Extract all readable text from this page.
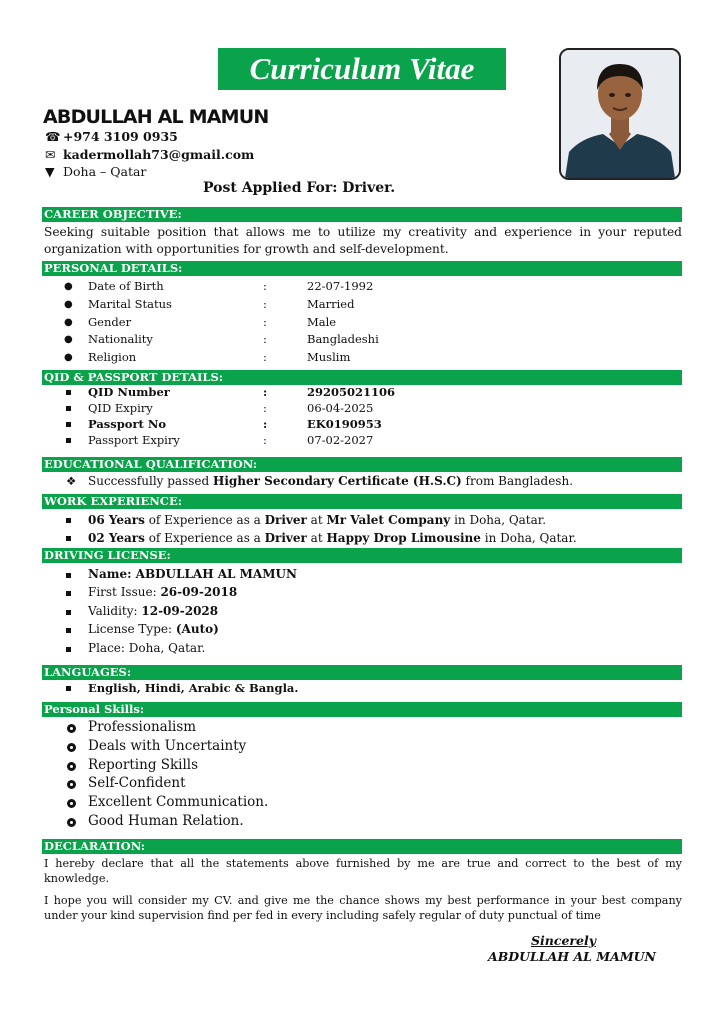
Curriculum Vitae
ABDULLAH AL MAMUN
☎ +974 3109 0935
✉ kadermollah73@gmail.com
▼ Doha – Qatar
Post Applied For: Driver.
CAREER OBJECTIVE:
Seeking suitable position that allows me to utilize my creativity and experience in your reputed organization with opportunities for growth and self-development.
PERSONAL DETAILS:
● Date of Birth	:	22-07-1992
● Marital Status	:	Married
● Gender	:	Male
● Nationality	:	Bangladeshi
● Religion	:	Muslim
QID & PASSPORT DETAILS:
QID Number	:	29205021106
QID Expiry	:	06-04-2025
Passport No	:	EK0190953
Passport Expiry	:	07-02-2027
EDUCATIONAL QUALIFICATION:
❖ Successfully passed Higher Secondary Certificate (H.S.C) from Bangladesh.
WORK EXPERIENCE:
06 Years of Experience as a Driver at Mr Valet Company in Doha, Qatar.
02 Years of Experience as a Driver at Happy Drop Limousine in Doha, Qatar.
DRIVING LICENSE:
Name: ABDULLAH AL MAMUN
First Issue: 26-09-2018
Validity: 12-09-2028
License Type: (Auto)
Place: Doha, Qatar.
LANGUAGES:
English, Hindi, Arabic & Bangla.
Personal Skills:
Professionalism
Deals with Uncertainty
Reporting Skills
Self-Confident
Excellent Communication.
Good Human Relation.
DECLARATION:
I hereby declare that all the statements above furnished by me are true and correct to the best of my knowledge.
I hope you will consider my CV. and give me the chance shows my best performance in your best company under your kind supervision find per fed in every including safely regular of duty punctual of time
Sincerely
ABDULLAH AL MAMUN
